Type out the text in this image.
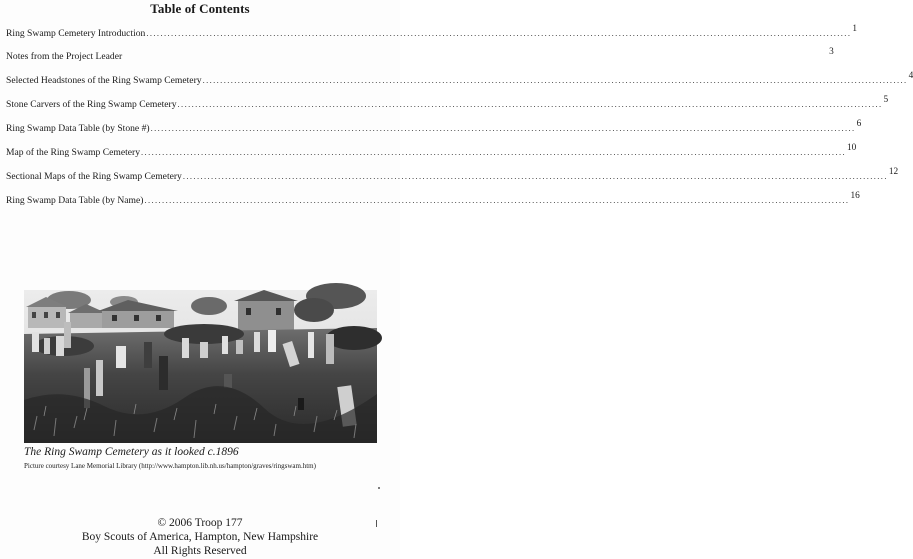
Table of Contents
Ring Swamp Cemetery Introduction ........................................................................................................................................................................................................ 1
Notes from the Project Leader	3
Selected Headstones of the Ring Swamp Cemetery ........................................................................................................................................................................................................ 4
Stone Carvers of the Ring Swamp Cemetery ........................................................................................................................................................................................................ 5
Ring Swamp Data Table (by Stone #) ........................................................................................................................................................................................................ 6
Map of the Ring Swamp Cemetery ........................................................................................................................................................................................................ 10
Sectional Maps of the Ring Swamp Cemetery ........................................................................................................................................................................................................ 12
Ring Swamp Data Table (by Name) ........................................................................................................................................................................................................ 16
The Ring Swamp Cemetery as it looked c.1896
Picture courtesy Lane Memorial Library (http://www.hampton.lib.nh.us/hampton/graves/ringswam.htm)
© 2006 Troop 177
Boy Scouts of America, Hampton, New Hampshire
All Rights Reserved
